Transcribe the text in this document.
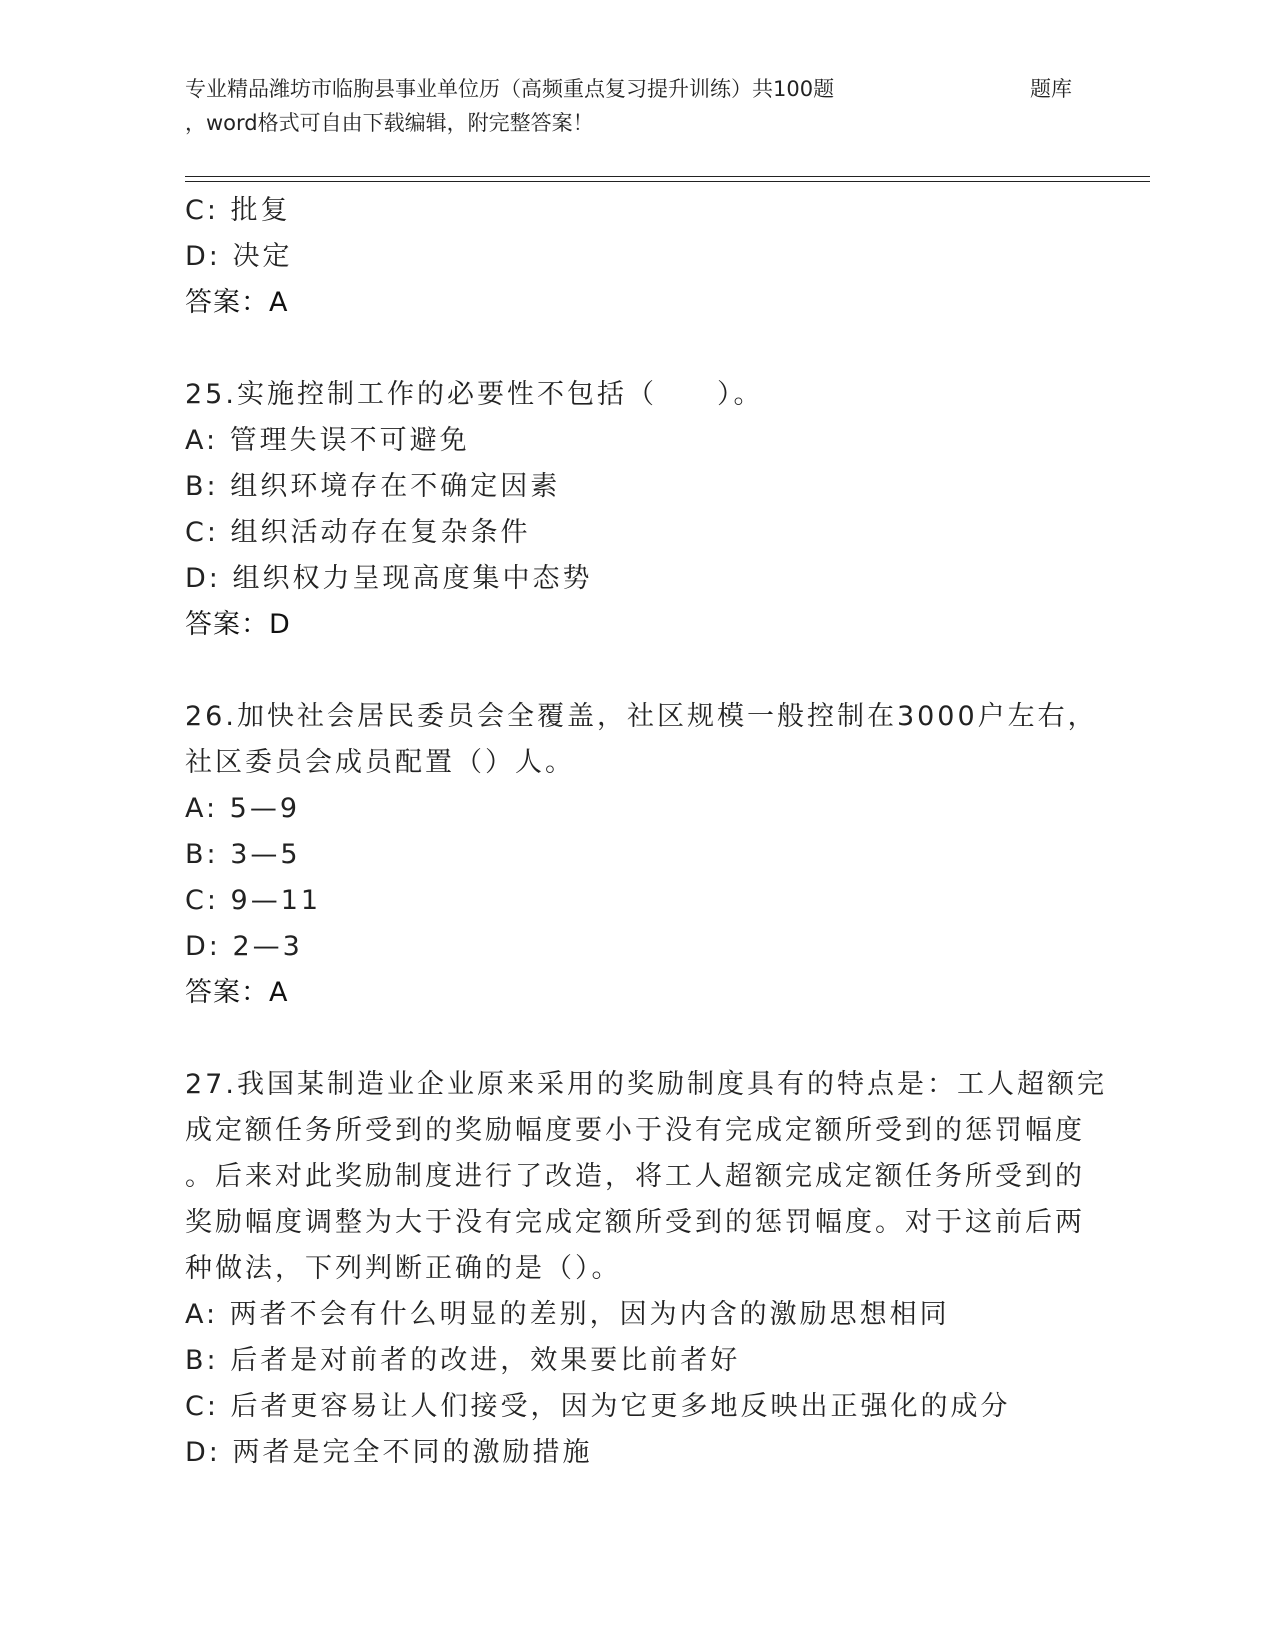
专业精品潍坊市临朐县事业单位历（高频重点复习提升训练）共100题	题库
，word格式可自由下载编辑，附完整答案！
C: 批复
D: 决定
答案：A
25.实施控制工作的必要性不包括（　　）。
A: 管理失误不可避免
B: 组织环境存在不确定因素
C: 组织活动存在复杂条件
D: 组织权力呈现高度集中态势
答案：D
26.加快社会居民委员会全覆盖，社区规模一般控制在3000户左右，
社区委员会成员配置（）人。
A: 5—9
B: 3—5
C: 9—11
D: 2—3
答案：A
27.我国某制造业企业原来采用的奖励制度具有的特点是：工人超额完
成定额任务所受到的奖励幅度要小于没有完成定额所受到的惩罚幅度
。后来对此奖励制度进行了改造，将工人超额完成定额任务所受到的
奖励幅度调整为大于没有完成定额所受到的惩罚幅度。对于这前后两
种做法，下列判断正确的是（）。
A: 两者不会有什么明显的差别，因为内含的激励思想相同
B: 后者是对前者的改进，效果要比前者好
C: 后者更容易让人们接受，因为它更多地反映出正强化的成分
D: 两者是完全不同的激励措施
